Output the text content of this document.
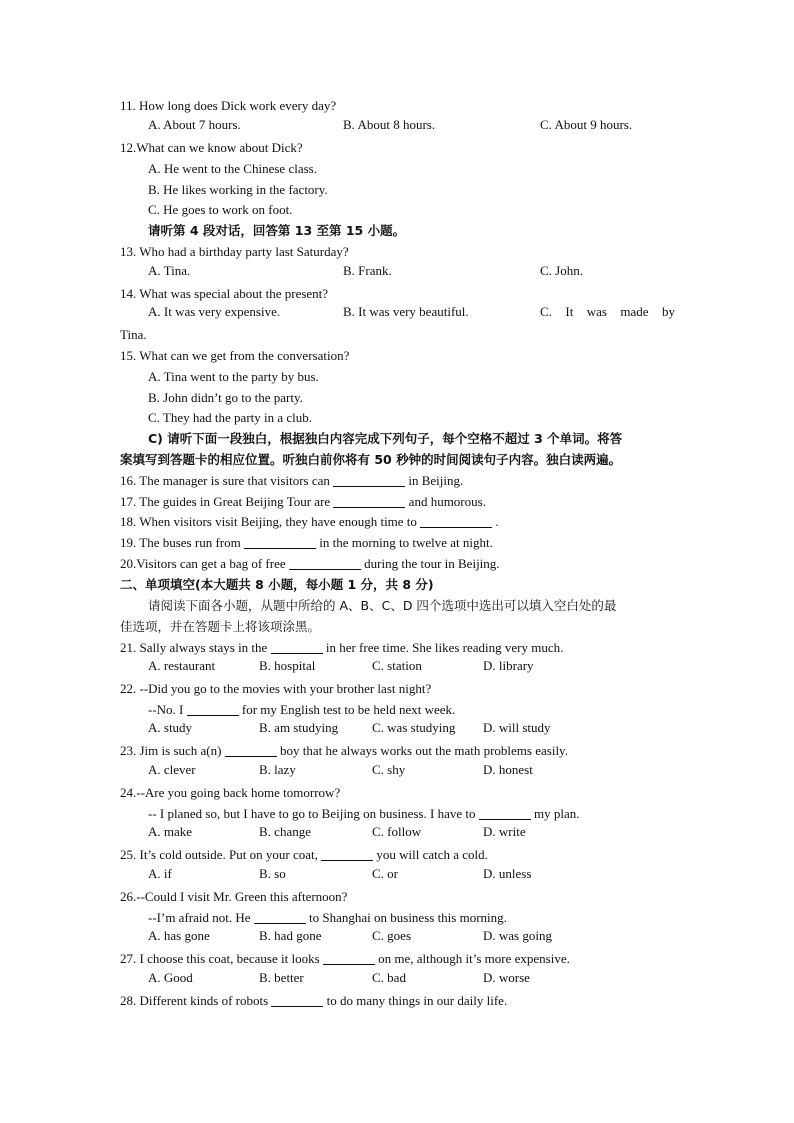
11. How long does Dick work every day?
A. About 7 hours.	B. About 8 hours.	C. About 9 hours.
12.What can we know about Dick?
A. He went to the Chinese class.
B. He likes working in the factory.
C. He goes to work on foot.
请听第 4 段对话，回答第 13 至第 15 小题。
13. Who had a birthday party last Saturday?
A. Tina.	B. Frank.	C. John.
14. What was special about the present?
A. It was very expensive.	B. It was very beautiful.	C. It was made by
Tina.
15. What can we get from the conversation?
A. Tina went to the party by bus.
B. John didn’t go to the party.
C. They had the party in a club.
C) 请听下面一段独白，根据独白内容完成下列句子，每个空格不超过 3 个单词。将答
案填写到答题卡的相应位置。听独白前你将有 50 秒钟的时间阅读句子内容。独白读两遍。
16. The manager is sure that visitors can	in Beijing.
17. The guides in Great Beijing Tour are	and humorous.
18. When visitors visit Beijing, they have enough time to	.
19. The buses run from	in the morning to twelve at night.
20.Visitors can get a bag of free	during the tour in Beijing.
二、单项填空(本大题共 8 小题，每小题 1 分，共 8 分)
请阅读下面各小题，从题中所给的 A、B、C、D 四个选项中选出可以填入空白处的最
佳选项，并在答题卡上将该项涂黑。
21. Sally always stays in the	in her free time. She likes reading very much.
A. restaurant	B. hospital	C. station	D. library
22. --Did you go to the movies with your brother last night?
--No. I	for my English test to be held next week.
A. study	B. am studying	C. was studying D. will study
23. Jim is such a(n)	boy that he always works out the math problems easily.
A. clever	B. lazy	C. shy	D. honest
24.--Are you going back home tomorrow?
-- I planed so, but I have to go to Beijing on business. I have to	my plan.
A. make	B. change	C. follow	D. write
25. It’s cold outside. Put on your coat,	you will catch a cold.
A. if	B. so	C. or	D. unless
26.--Could I visit Mr. Green this afternoon?
--I’m afraid not. He	to Shanghai on business this morning.
A. has gone	B. had gone	C. goes	D. was going
27. I choose this coat, because it looks	on me, although it’s more expensive.
A. Good	B. better	C. bad	D. worse
28. Different kinds of robots	to do many things in our daily life.
